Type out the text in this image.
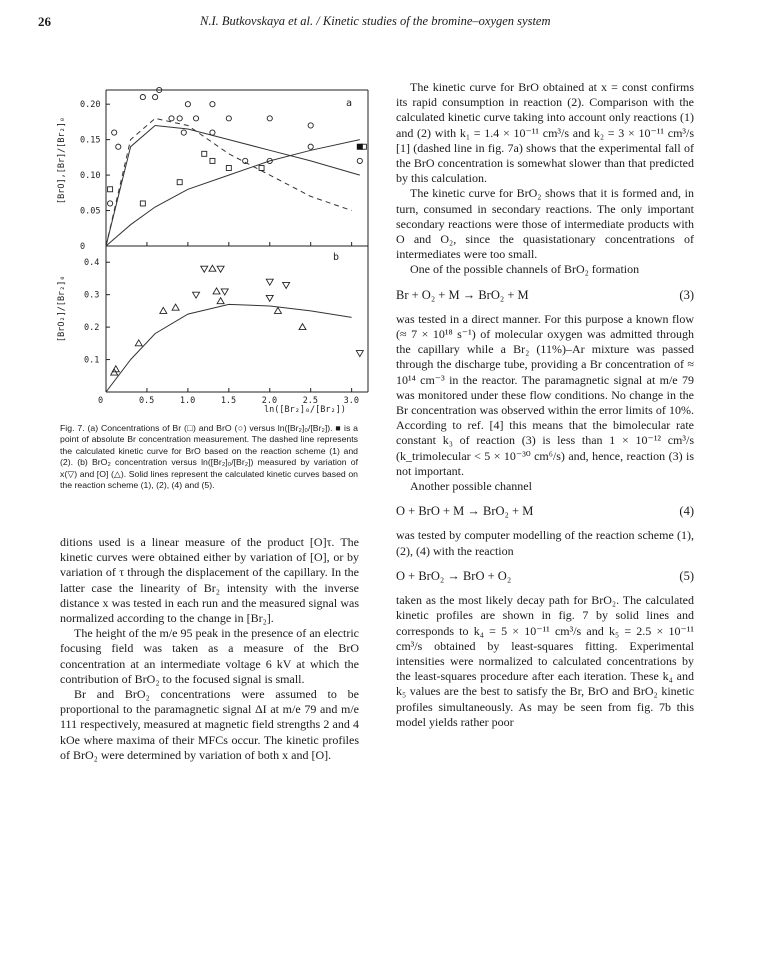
26	N.I. Butkovskaya et al. / Kinetic studies of the bromine–oxygen system
a
b
[BrO],[Br]/[Br₂]₀
[BrO₂]/[Br₂]₀
ln([Br₂]₀/[Br₂])
0	0.5	1.0	1.5	2.0	2.5	3.0
0
0.05
0.10
0.15
0.20
0.1
0.2
0.3
0.4
Fig. 7. (a) Concentrations of Br (□) and BrO (○) versus ln([Br₂]₀/[Br₂]). ■ is a point of absolute Br concentration measurement. The dashed line represents the calculated kinetic curve for BrO based on the reaction scheme (1) and (2). (b) BrO₂ concentration versus ln([Br₂]₀/[Br₂]) measured by variation of x(▽) and [O] (△). Solid lines represent the calculated kinetic curves based on the reaction scheme (1), (2), (4) and (5).

ditions used is a linear measure of the product [O]τ. The kinetic curves were obtained either by variation of [O], or by variation of τ through the displacement of the capillary. In the latter case the linearity of Br₂ intensity with the inverse distance x was tested in each run and the measured signal was normalized according to the change in [Br₂].

The height of the m/e 95 peak in the presence of an electric focusing field was taken as a measure of the BrO concentration at an intermediate voltage 6 kV at which the contribution of BrO₂ to the focused signal is small.

Br and BrO₂ concentrations were assumed to be proportional to the paramagnetic signal ΔI at m/e 79 and m/e 111 respectively, measured at magnetic field strengths 2 and 4 kOe where maxima of their MFCs occur. The kinetic profiles of BrO₂ were determined by variation of both x and [O].

The kinetic curve for BrO obtained at x = const confirms its rapid consumption in reaction (2). Comparison with the calculated kinetic curve taking into account only reactions (1) and (2) with k₁ = 1.4 × 10⁻¹¹ cm³/s and k₂ = 3 × 10⁻¹¹ cm³/s [1] (dashed line in fig. 7a) shows that the experimental fall of the BrO concentration is somewhat slower than that predicted by this calculation.

The kinetic curve for BrO₂ shows that it is formed and, in turn, consumed in secondary reactions. The only important secondary reactions were those of intermediate products with O and O₂, since the quasistationary concentrations of intermediates were too small.

One of the possible channels of BrO₂ formation

Br + O₂ + M → BrO₂ + M	(3)

was tested in a direct manner. For this purpose a known flow (≈ 7 × 10¹⁸ s⁻¹) of molecular oxygen was admitted through the capillary while a Br₂ (11%)–Ar mixture was passed through the discharge tube, providing a Br concentration of ≈ 10¹⁴ cm⁻³ in the reactor. The paramagnetic signal at m/e 79 was monitored under these flow conditions. No change in the Br concentration was observed within the error limits of 10%. According to ref. [4] this means that the bimolecular rate constant k₃ of reaction (3) is less than 1 × 10⁻¹² cm³/s (k_trimolecular < 5 × 10⁻³⁰ cm⁶/s) and, hence, reaction (3) is not important.

Another possible channel

O + BrO + M → BrO₂ + M	(4)

was tested by computer modelling of the reaction scheme (1), (2), (4) with the reaction

O + BrO₂ → BrO + O₂	(5)

taken as the most likely decay path for BrO₂. The calculated kinetic profiles are shown in fig. 7 by solid lines and corresponds to k₄ = 5 × 10⁻¹¹ cm³/s and k₅ = 2.5 × 10⁻¹¹ cm³/s obtained by least-squares fitting. Experimental intensities were normalized to calculated concentrations by the least-squares procedure after each iteration. These k₄ and k₅ values are the best to satisfy the Br, BrO and BrO₂ kinetic profiles simultaneously. As may be seen from fig. 7b this model yields rather poor
